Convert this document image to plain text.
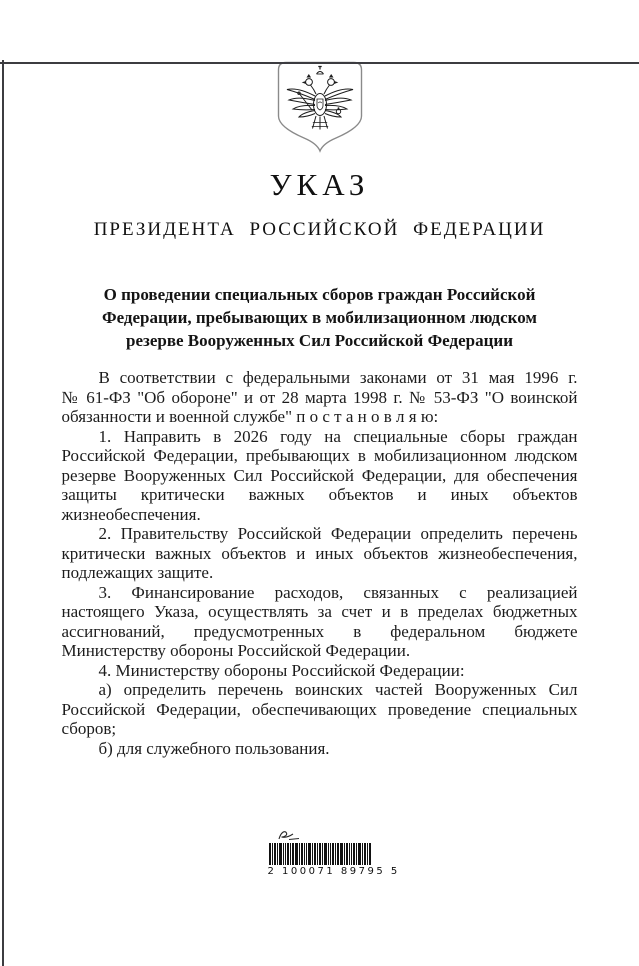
УКАЗ
ПРЕЗИДЕНТА РОССИЙСКОЙ ФЕДЕРАЦИИ
О проведении специальных сборов граждан Российской
Федерации, пребывающих в мобилизационном людском
резерве Вооруженных Сил Российской Федерации
В соответствии с федеральными законами от 31 мая 1996 г.
№ 61-ФЗ "Об обороне" и от 28 марта 1998 г. № 53-ФЗ "О воинской
обязанности и военной службе" п о с т а н о в л я ю:
1. Направить в 2026 году на специальные сборы граждан
Российской Федерации, пребывающих в мобилизационном людском
резерве Вооруженных Сил Российской Федерации, для обеспечения
защиты критически важных объектов и иных объектов
жизнеобеспечения.
2. Правительству Российской Федерации определить перечень
критически важных объектов и иных объектов жизнеобеспечения,
подлежащих защите.
3. Финансирование расходов, связанных с реализацией
настоящего Указа, осуществлять за счет и в пределах бюджетных
ассигнований, предусмотренных в федеральном бюджете
Министерству обороны Российской Федерации.
4. Министерству обороны Российской Федерации:
а) определить перечень воинских частей Вооруженных Сил
Российской Федерации, обеспечивающих проведение специальных
сборов;
б) для служебного пользования.
2 100071 89795 5
